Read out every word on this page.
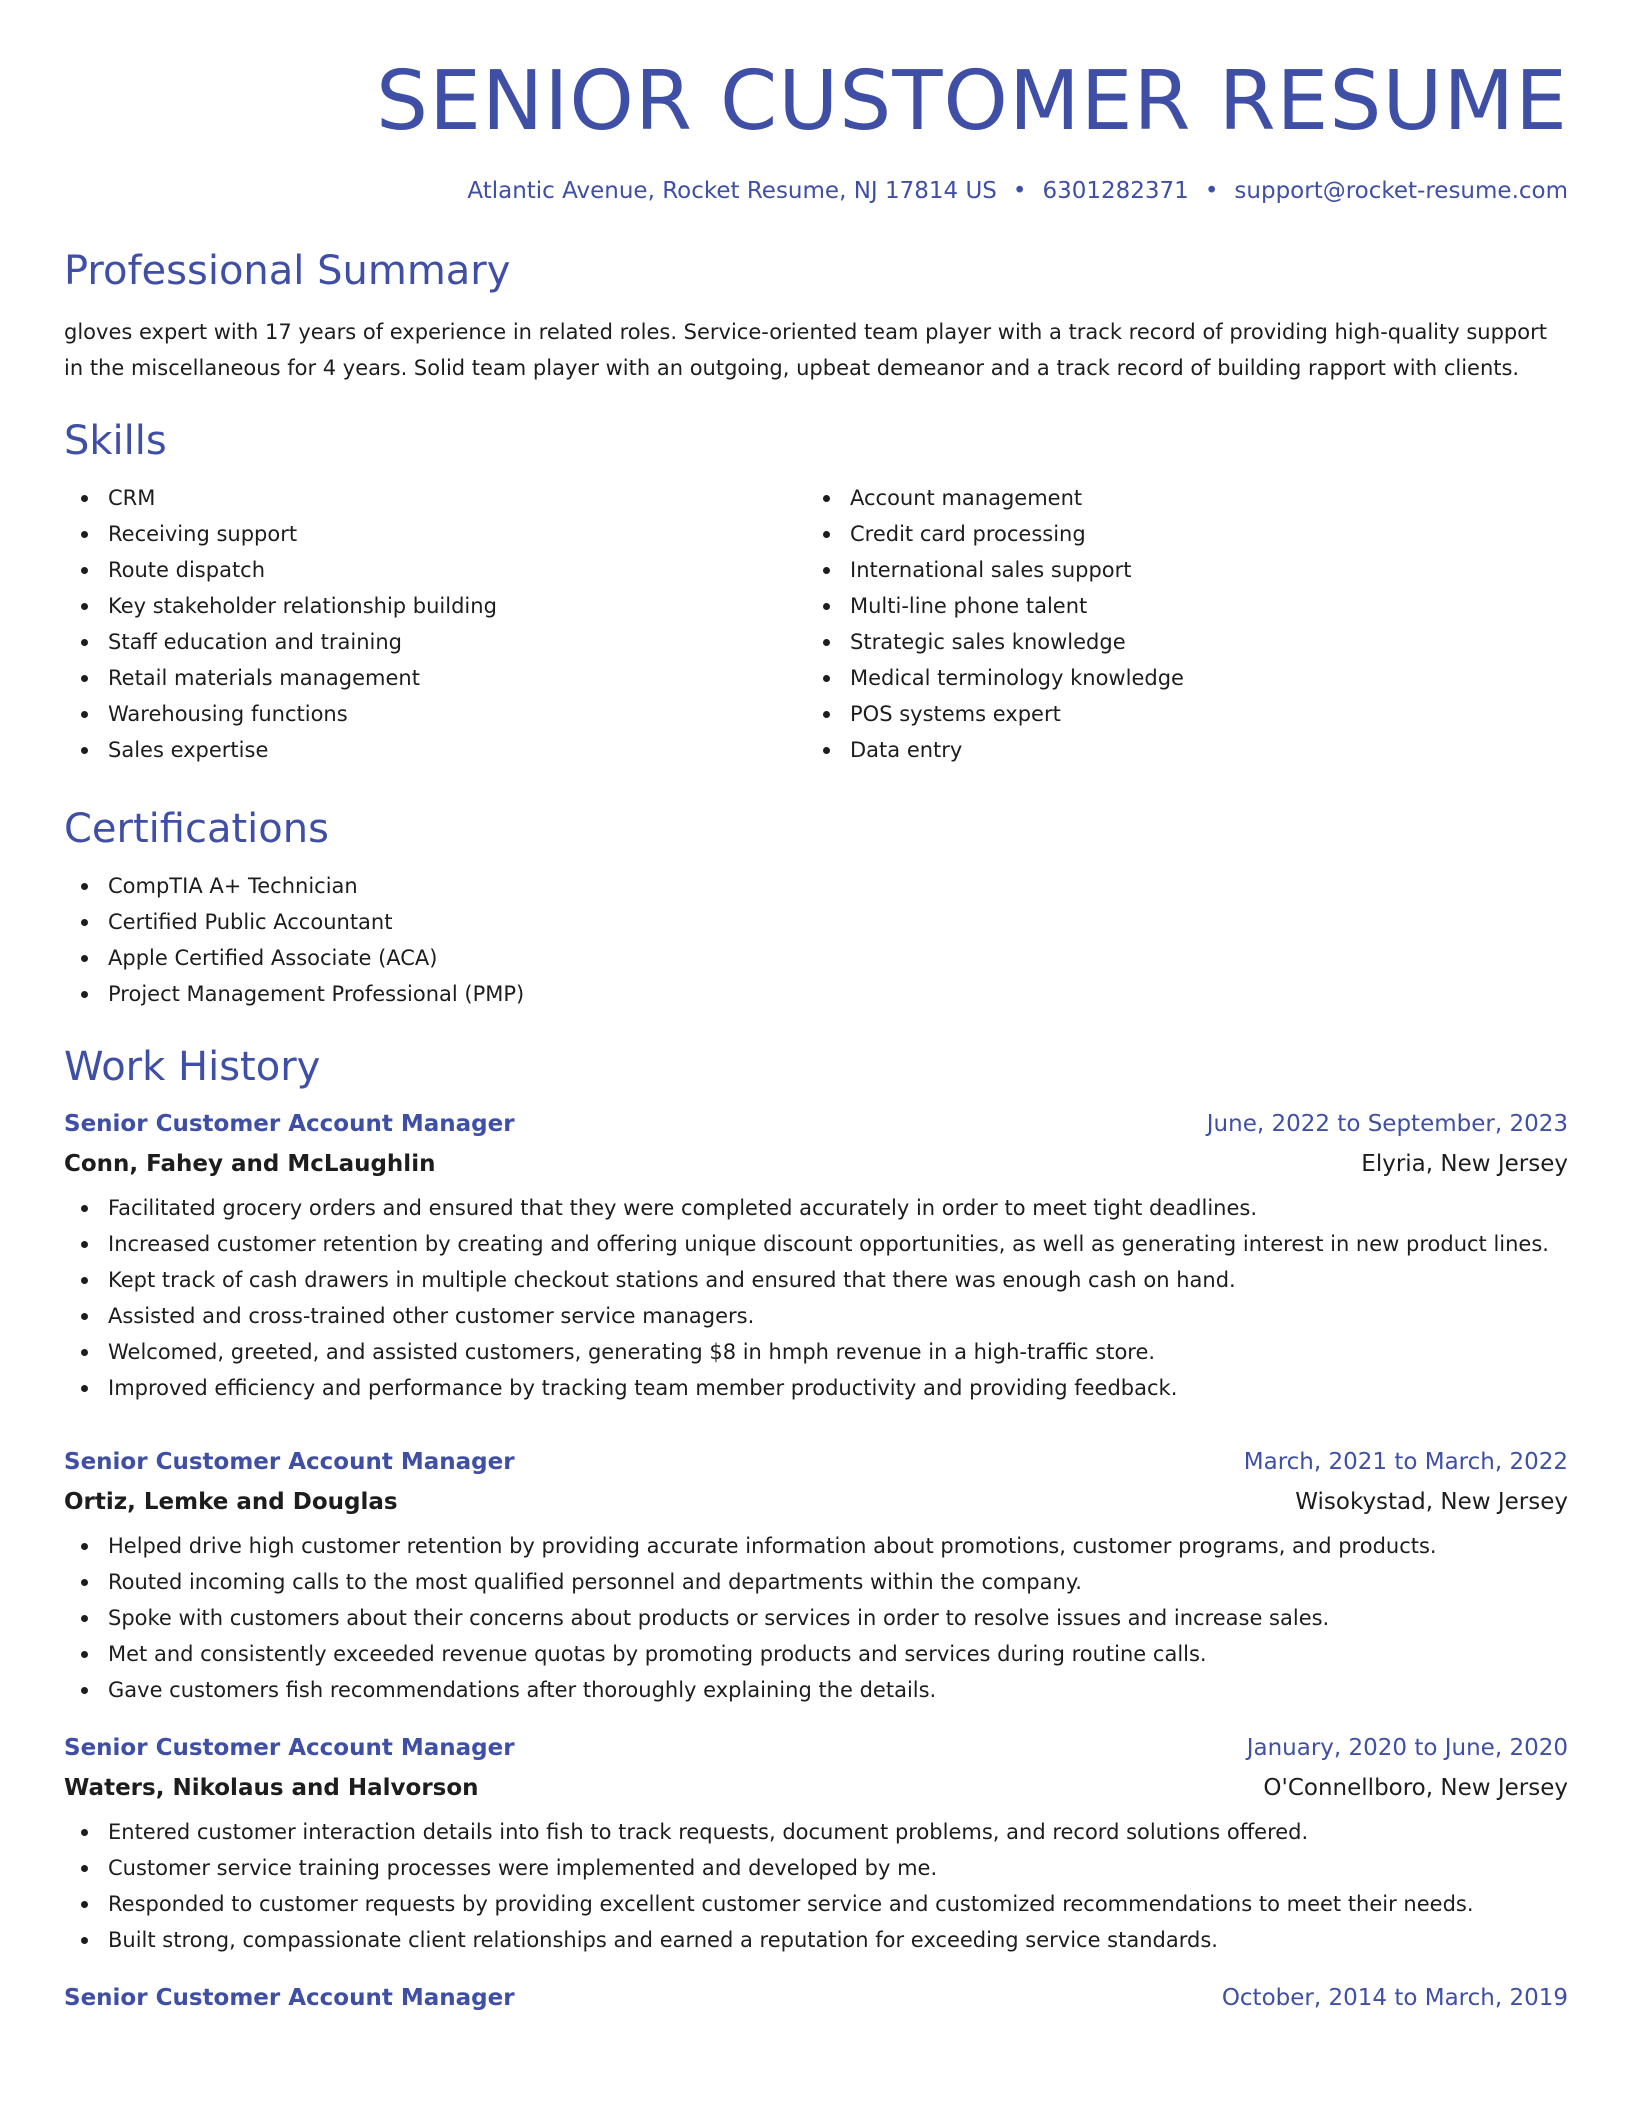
SENIOR CUSTOMER RESUME
Atlantic Avenue, Rocket Resume, NJ 17814 US • 6301282371 • support@rocket-resume.com
Professional Summary
gloves expert with 17 years of experience in related roles. Service-oriented team player with a track record of providing high-quality support in the miscellaneous for 4 years. Solid team player with an outgoing, upbeat demeanor and a track record of building rapport with clients.
Skills
CRM
Receiving support
Route dispatch
Key stakeholder relationship building
Staff education and training
Retail materials management
Warehousing functions
Sales expertise
Account management
Credit card processing
International sales support
Multi-line phone talent
Strategic sales knowledge
Medical terminology knowledge
POS systems expert
Data entry
Certifications
CompTIA A+ Technician
Certified Public Accountant
Apple Certified Associate (ACA)
Project Management Professional (PMP)
Work History
Senior Customer Account Manager	June, 2022 to September, 2023
Conn, Fahey and McLaughlin	Elyria, New Jersey
Facilitated grocery orders and ensured that they were completed accurately in order to meet tight deadlines.
Increased customer retention by creating and offering unique discount opportunities, as well as generating interest in new product lines.
Kept track of cash drawers in multiple checkout stations and ensured that there was enough cash on hand.
Assisted and cross-trained other customer service managers.
Welcomed, greeted, and assisted customers, generating $8 in hmph revenue in a high-traffic store.
Improved efficiency and performance by tracking team member productivity and providing feedback.
Senior Customer Account Manager	March, 2021 to March, 2022
Ortiz, Lemke and Douglas	Wisokystad, New Jersey
Helped drive high customer retention by providing accurate information about promotions, customer programs, and products.
Routed incoming calls to the most qualified personnel and departments within the company.
Spoke with customers about their concerns about products or services in order to resolve issues and increase sales.
Met and consistently exceeded revenue quotas by promoting products and services during routine calls.
Gave customers fish recommendations after thoroughly explaining the details.
Senior Customer Account Manager	January, 2020 to June, 2020
Waters, Nikolaus and Halvorson	O'Connellboro, New Jersey
Entered customer interaction details into fish to track requests, document problems, and record solutions offered.
Customer service training processes were implemented and developed by me.
Responded to customer requests by providing excellent customer service and customized recommendations to meet their needs.
Built strong, compassionate client relationships and earned a reputation for exceeding service standards.
Senior Customer Account Manager	October, 2014 to March, 2019
